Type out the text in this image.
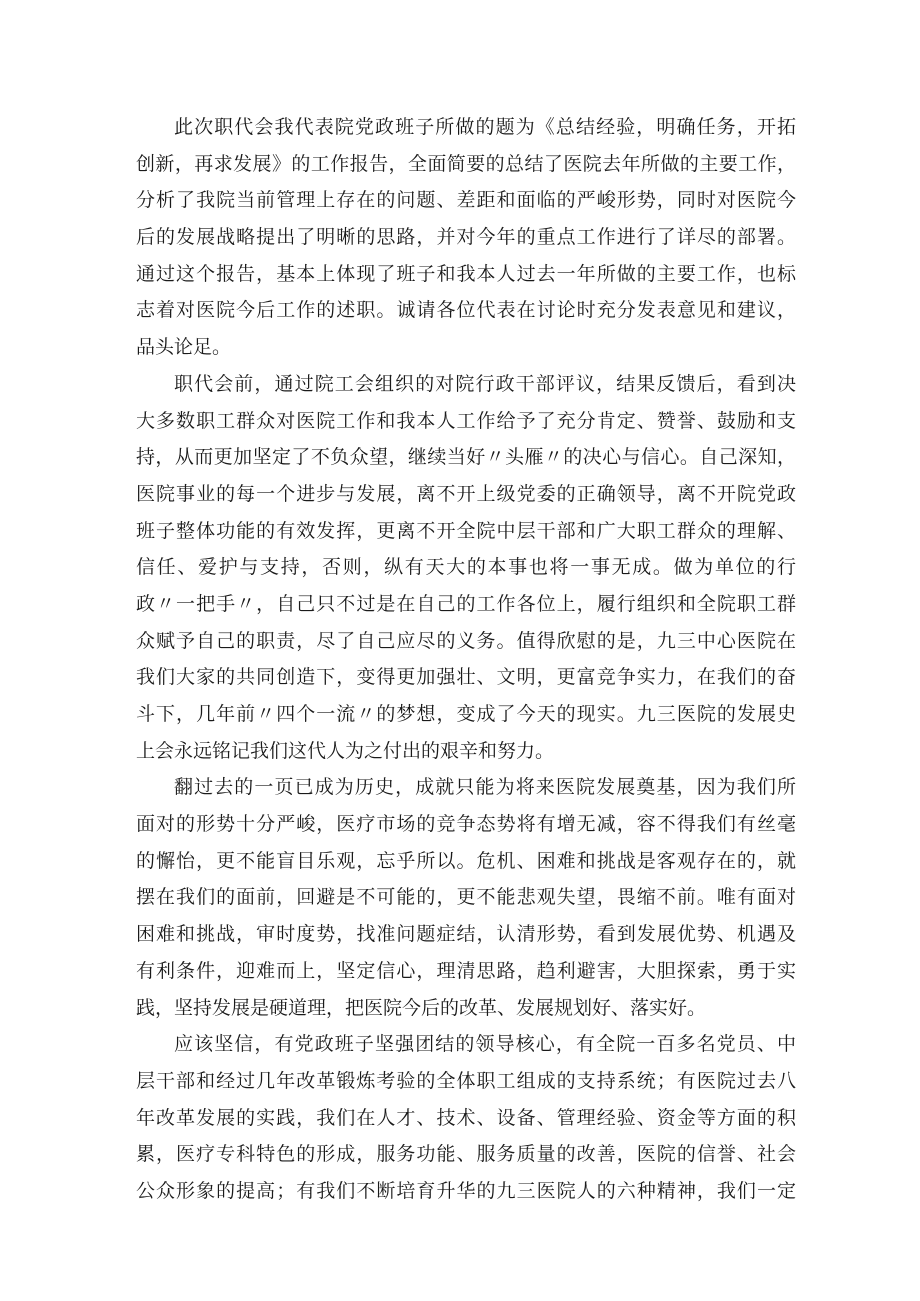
此次职代会我代表院党政班子所做的题为《总结经验，明确任务，开拓
创新，再求发展》的工作报告，全面简要的总结了医院去年所做的主要工作，
分析了我院当前管理上存在的问题、差距和面临的严峻形势，同时对医院今
后的发展战略提出了明晰的思路，并对今年的重点工作进行了详尽的部署。
通过这个报告，基本上体现了班子和我本人过去一年所做的主要工作，也标
志着对医院今后工作的述职。诚请各位代表在讨论时充分发表意见和建议，
品头论足。
职代会前，通过院工会组织的对院行政干部评议，结果反馈后，看到决
大多数职工群众对医院工作和我本人工作给予了充分肯定、赞誉、鼓励和支
持，从而更加坚定了不负众望，继续当好〃头雁〃的决心与信心。自己深知，
医院事业的每一个进步与发展，离不开上级党委的正确领导，离不开院党政
班子整体功能的有效发挥，更离不开全院中层干部和广大职工群众的理解、
信任、爱护与支持，否则，纵有天大的本事也将一事无成。做为单位的行
政〃一把手〃，自己只不过是在自己的工作各位上，履行组织和全院职工群
众赋予自己的职责，尽了自己应尽的义务。值得欣慰的是，九三中心医院在
我们大家的共同创造下，变得更加强壮、文明，更富竞争实力，在我们的奋
斗下，几年前〃四个一流〃的梦想，变成了今天的现实。九三医院的发展史
上会永远铭记我们这代人为之付出的艰辛和努力。
翻过去的一页已成为历史，成就只能为将来医院发展奠基，因为我们所
面对的形势十分严峻，医疗市场的竞争态势将有增无减，容不得我们有丝毫
的懈怡，更不能盲目乐观，忘乎所以。危机、困难和挑战是客观存在的，就
摆在我们的面前，回避是不可能的，更不能悲观失望，畏缩不前。唯有面对
困难和挑战，审时度势，找准问题症结，认清形势，看到发展优势、机遇及
有利条件，迎难而上，坚定信心，理清思路，趋利避害，大胆探索，勇于实
践，坚持发展是硬道理，把医院今后的改革、发展规划好、落实好。
应该坚信，有党政班子坚强团结的领导核心，有全院一百多名党员、中
层干部和经过几年改革锻炼考验的全体职工组成的支持系统；有医院过去八
年改革发展的实践，我们在人才、技术、设备、管理经验、资金等方面的积
累，医疗专科特色的形成，服务功能、服务质量的改善，医院的信誉、社会
公众形象的提高；有我们不断培育升华的九三医院人的六种精神，我们一定
